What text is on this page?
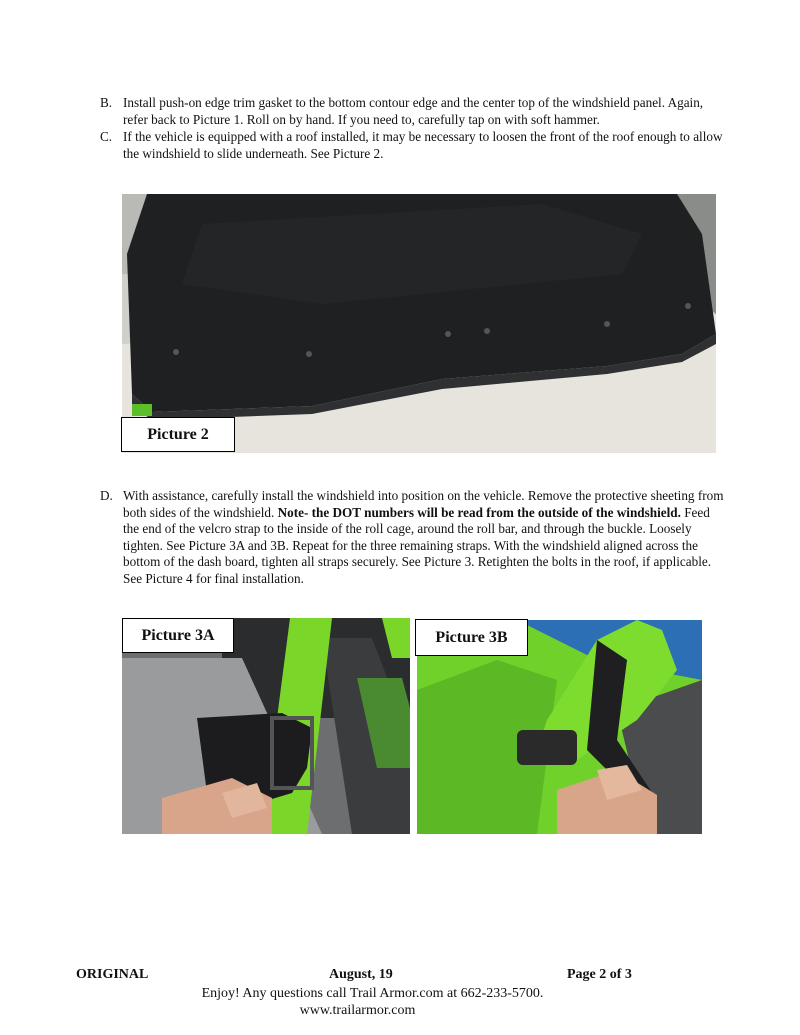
B. Install push-on edge trim gasket to the bottom contour edge and the center top of the windshield panel. Again, refer back to Picture 1. Roll on by hand. If you need to, carefully tap on with soft hammer.
C. If the vehicle is equipped with a roof installed, it may be necessary to loosen the front of the roof enough to allow the windshield to slide underneath. See Picture 2.
Picture 2
D. With assistance, carefully install the windshield into position on the vehicle. Remove the protective sheeting from both sides of the windshield. Note- the DOT numbers will be read from the outside of the windshield. Feed the end of the velcro strap to the inside of the roll cage, around the roll bar, and through the buckle. Loosely tighten. See Picture 3A and 3B. Repeat for the three remaining straps. With the windshield aligned across the bottom of the dash board, tighten all straps securely. See Picture 3. Retighten the bolts in the roof, if applicable. See Picture 4 for final installation.
Picture 3A	Picture 3B
ORIGINAL	August, 19	Page 2 of 3
Enjoy! Any questions call Trail Armor.com at 662-233-5700.
www.trailarmor.com
